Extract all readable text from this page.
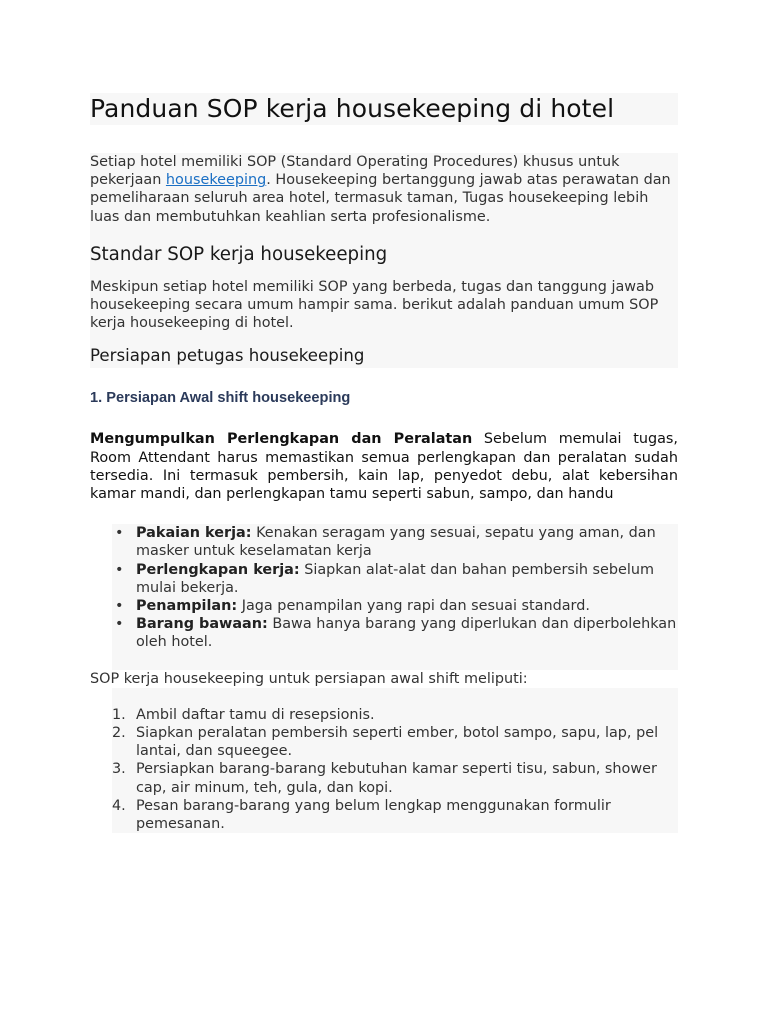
Panduan SOP kerja housekeeping di hotel

Setiap hotel memiliki SOP (Standard Operating Procedures) khusus untuk pekerjaan housekeeping. Housekeeping bertanggung jawab atas perawatan dan pemeliharaan seluruh area hotel, termasuk taman, Tugas housekeeping lebih luas dan membutuhkan keahlian serta profesionalisme.

Standar SOP kerja housekeeping

Meskipun setiap hotel memiliki SOP yang berbeda, tugas dan tanggung jawab housekeeping secara umum hampir sama. berikut adalah panduan umum SOP kerja housekeeping di hotel.

Persiapan petugas housekeeping
1. Persiapan Awal shift housekeeping

Mengumpulkan Perlengkapan dan Peralatan Sebelum memulai tugas, Room Attendant harus memastikan semua perlengkapan dan peralatan sudah tersedia. Ini termasuk pembersih, kain lap, penyedot debu, alat kebersihan kamar mandi, dan perlengkapan tamu seperti sabun, sampo, dan handu

• Pakaian kerja: Kenakan seragam yang sesuai, sepatu yang aman, dan masker untuk keselamatan kerja
• Perlengkapan kerja: Siapkan alat-alat dan bahan pembersih sebelum mulai bekerja.
• Penampilan: Jaga penampilan yang rapi dan sesuai standard.
• Barang bawaan: Bawa hanya barang yang diperlukan dan diperbolehkan oleh hotel.

SOP kerja housekeeping untuk persiapan awal shift meliputi:

1. Ambil daftar tamu di resepsionis.
2. Siapkan peralatan pembersih seperti ember, botol sampo, sapu, lap, pel lantai, dan squeegee.
3. Persiapkan barang-barang kebutuhan kamar seperti tisu, sabun, shower cap, air minum, teh, gula, dan kopi.
4. Pesan barang-barang yang belum lengkap menggunakan formulir pemesanan.
